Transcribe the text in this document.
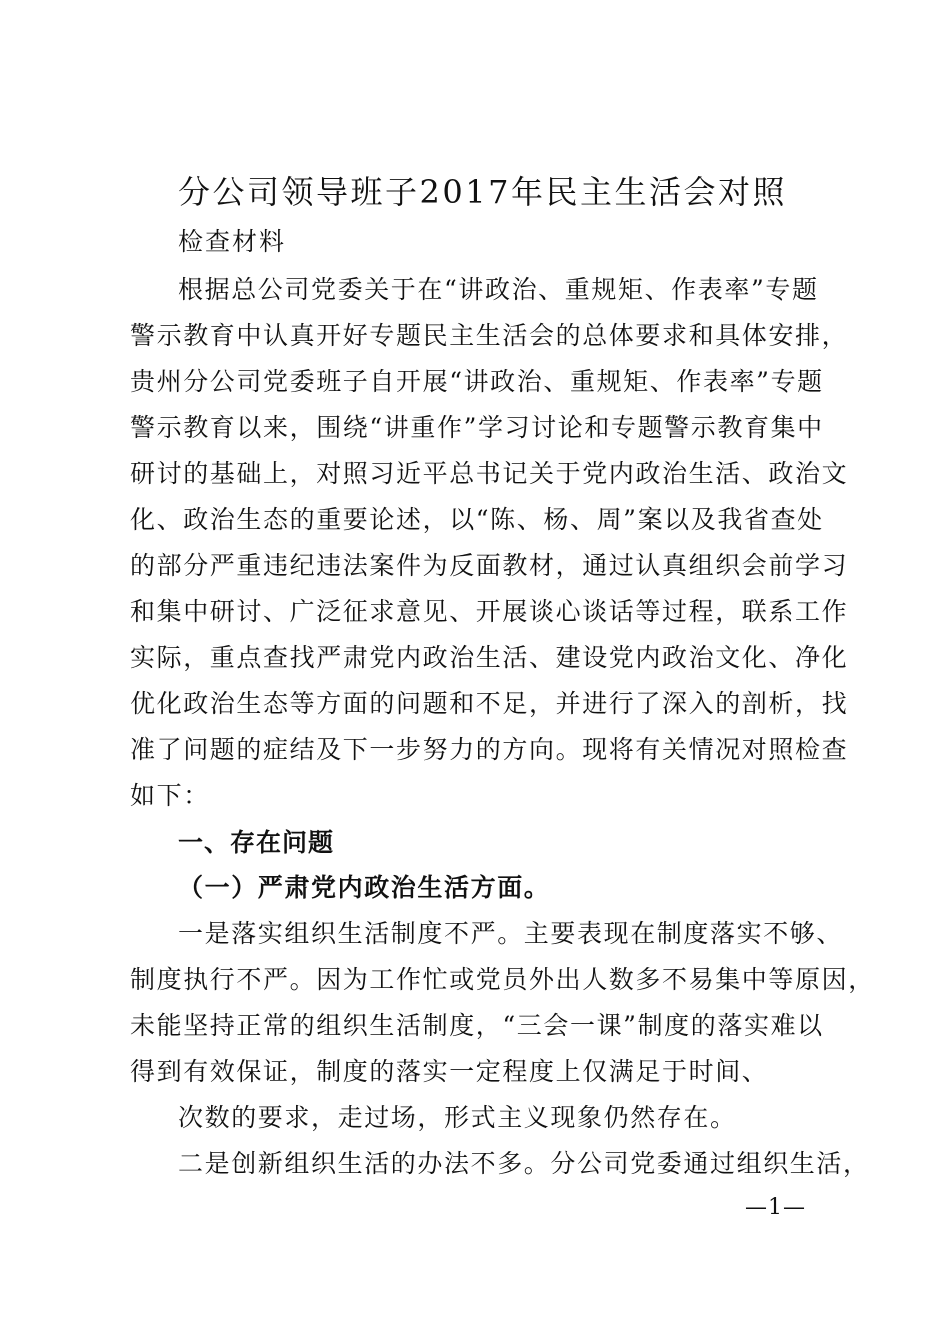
分公司领导班子2017年民主生活会对照
检查材料
根据总公司党委关于在“讲政治、重规矩、作表率”专题
警示教育中认真开好专题民主生活会的总体要求和具体安排，
贵州分公司党委班子自开展“讲政治、重规矩、作表率”专题
警示教育以来，围绕“讲重作”学习讨论和专题警示教育集中
研讨的基础上，对照习近平总书记关于党内政治生活、政治文
化、政治生态的重要论述，以“陈、杨、周”案以及我省查处
的部分严重违纪违法案件为反面教材，通过认真组织会前学习
和集中研讨、广泛征求意见、开展谈心谈话等过程，联系工作
实际，重点查找严肃党内政治生活、建设党内政治文化、净化
优化政治生态等方面的问题和不足，并进行了深入的剖析，找
准了问题的症结及下一步努力的方向。现将有关情况对照检查
如下：
一、存在问题
（一）严肃党内政治生活方面。
一是落实组织生活制度不严。主要表现在制度落实不够、
制度执行不严。因为工作忙或党员外出人数多不易集中等原因，
未能坚持正常的组织生活制度，“三会一课”制度的落实难以
得到有效保证，制度的落实一定程度上仅满足于时间、
次数的要求，走过场，形式主义现象仍然存在。
二是创新组织生活的办法不多。分公司党委通过组织生活，
—1—
